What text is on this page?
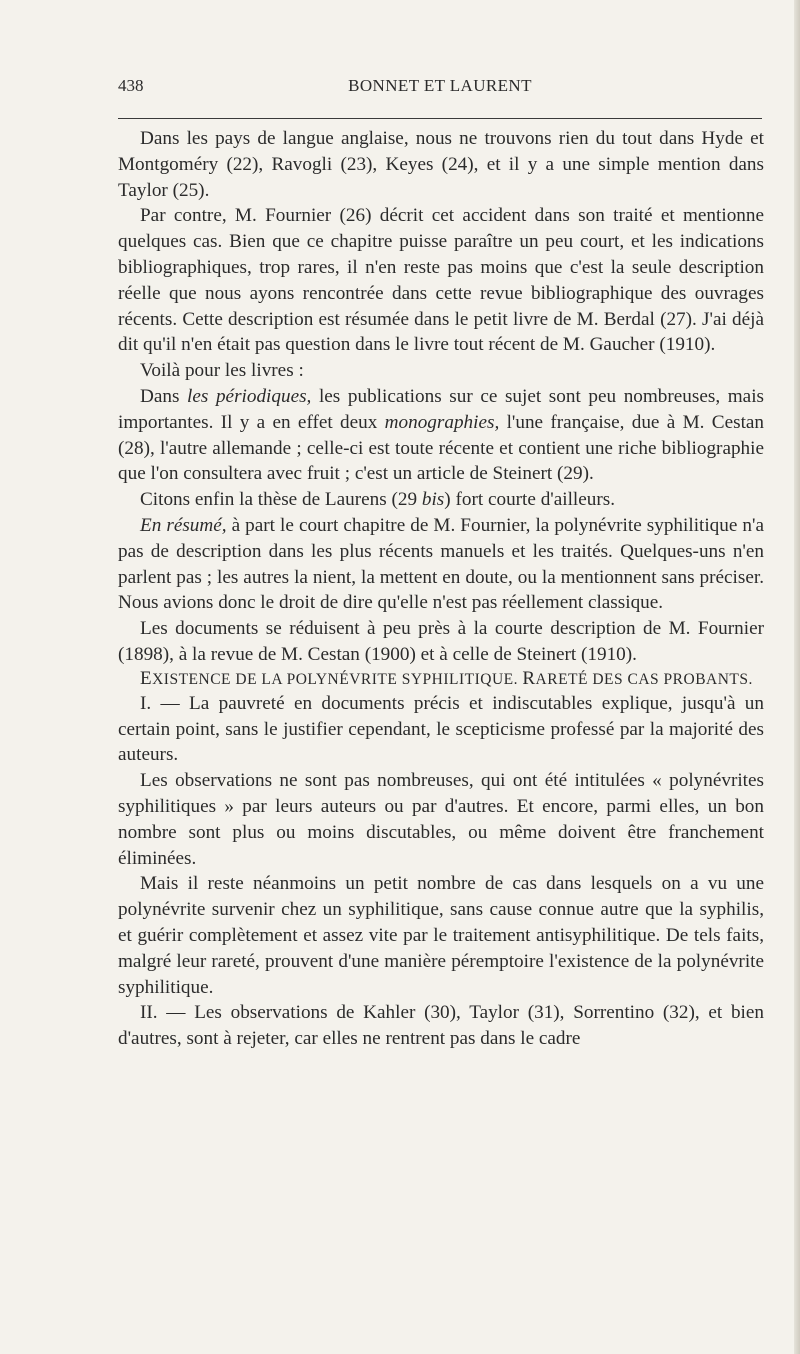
438	BONNET ET LAURENT

Dans les pays de langue anglaise, nous ne trouvons rien du tout dans Hyde et Montgoméry (22), Ravogli (23), Keyes (24), et il y a une simple mention dans Taylor (25).

Par contre, M. Fournier (26) décrit cet accident dans son traité et mentionne quelques cas. Bien que ce chapitre puisse paraître un peu court, et les indications bibliographiques, trop rares, il n'en reste pas moins que c'est la seule description réelle que nous ayons rencontrée dans cette revue bibliographique des ouvrages récents. Cette description est résumée dans le petit livre de M. Berdal (27). J'ai déjà dit qu'il n'en était pas question dans le livre tout récent de M. Gaucher (1910).

Voilà pour les livres :

Dans les périodiques, les publications sur ce sujet sont peu nombreuses, mais importantes. Il y a en effet deux monographies, l'une française, due à M. Cestan (28), l'autre allemande ; celle-ci est toute récente et contient une riche bibliographie que l'on consultera avec fruit ; c'est un article de Steinert (29).

Citons enfin la thèse de Laurens (29 bis) fort courte d'ailleurs.

En résumé, à part le court chapitre de M. Fournier, la polynévrite syphilitique n'a pas de description dans les plus récents manuels et les traités. Quelques-uns n'en parlent pas ; les autres la nient, la mettent en doute, ou la mentionnent sans préciser. Nous avions donc le droit de dire qu'elle n'est pas réellement classique.

Les documents se réduisent à peu près à la courte description de M. Fournier (1898), à la revue de M. Cestan (1900) et à celle de Steinert (1910).

EXISTENCE DE LA POLYNÉVRITE SYPHILITIQUE. RARETÉ DES CAS PROBANTS.

I. — La pauvreté en documents précis et indiscutables explique, jusqu'à un certain point, sans le justifier cependant, le scepticisme professé par la majorité des auteurs.

Les observations ne sont pas nombreuses, qui ont été intitulées « polynévrites syphilitiques » par leurs auteurs ou par d'autres. Et encore, parmi elles, un bon nombre sont plus ou moins discutables, ou même doivent être franchement éliminées.

Mais il reste néanmoins un petit nombre de cas dans lesquels on a vu une polynévrite survenir chez un syphilitique, sans cause connue autre que la syphilis, et guérir complètement et assez vite par le traitement antisyphilitique. De tels faits, malgré leur rareté, prouvent d'une manière péremptoire l'existence de la polynévrite syphilitique.

II. — Les observations de Kahler (30), Taylor (31), Sorrentino (32), et bien d'autres, sont à rejeter, car elles ne rentrent pas dans le cadre
